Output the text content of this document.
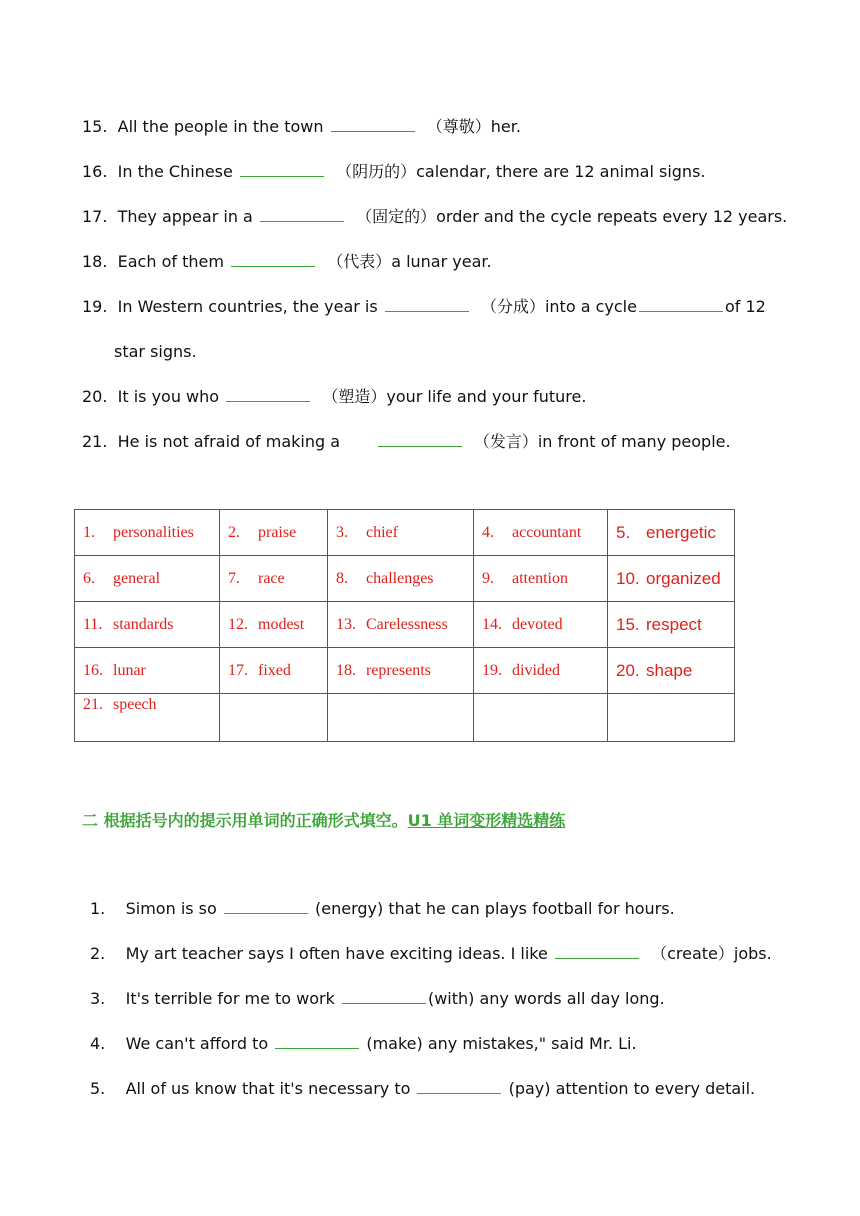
15. All the people in the town	（尊敬）her.
16. In the Chinese	（阴历的）calendar, there are 12 animal signs.
17. They appear in a	（固定的）order and the cycle repeats every 12 years.
18. Each of them	（代表）a lunar year.
19. In Western countries, the year is	（分成）into a cycle	of 12
star signs.
20. It is you who	（塑造）your life and your future.
21. He is not afraid of making a	（发言）in front of many people.
1. personalities	2. praise	3. chief	4. accountant	5. energetic
6. general	7. race	8. challenges	9. attention	10. organized
11. standards	12. modest	13. Carelessness	14. devoted	15. respect
16. lunar	17. fixed	18. represents	19. divided	20. shape
21. speech				
二 根据括号内的提示用单词的正确形式填空。U1 单词变形精选精练
1. Simon is so	(energy) that he can plays football for hours.
2. My art teacher says I often have exciting ideas. I like	（create）jobs.
3. It's terrible for me to work	(with) any words all day long.
4. We can't afford to	(make) any mistakes," said Mr. Li.
5. All of us know that it's necessary to	(pay) attention to every detail.
